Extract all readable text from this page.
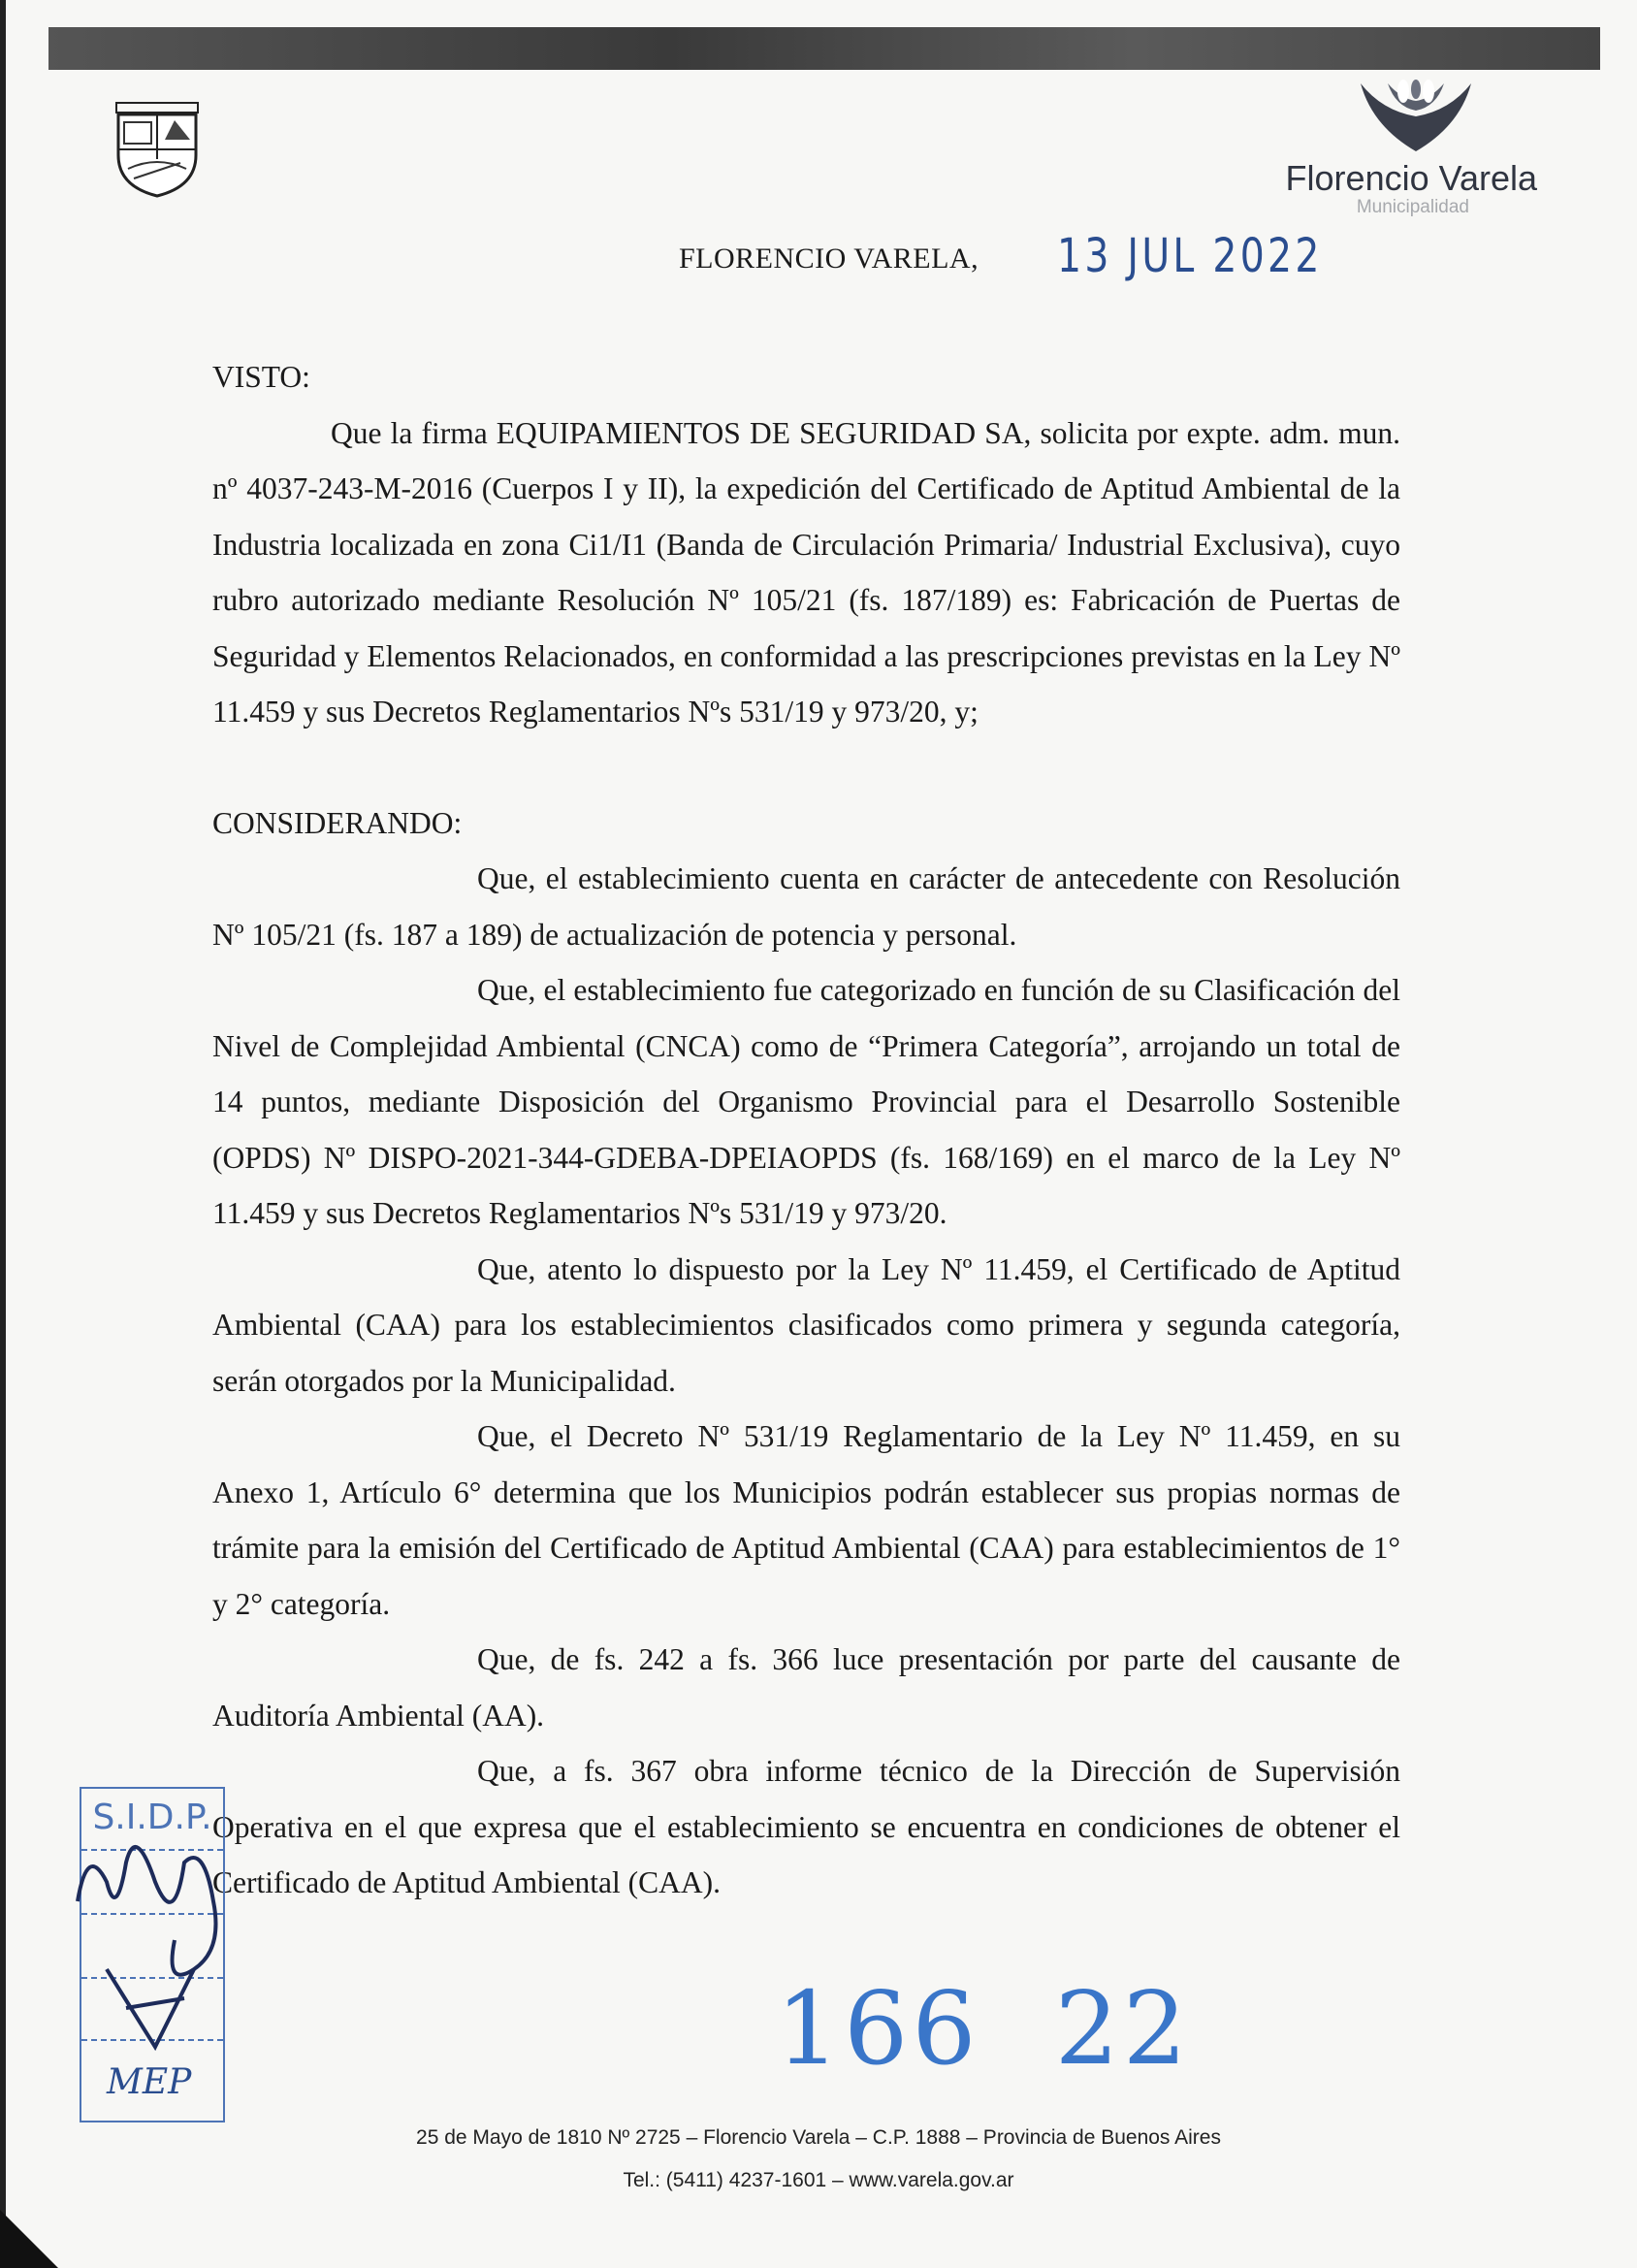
Florencio Varela
Municipalidad
FLORENCIO VARELA, 13 JUL 2022

VISTO:

Que la firma EQUIPAMIENTOS DE SEGURIDAD SA, solicita por expte. adm. mun. nº 4037-243-M-2016 (Cuerpos I y II), la expedición del Certificado de Aptitud Ambiental de la Industria localizada en zona Ci1/I1 (Banda de Circulación Primaria/ Industrial Exclusiva), cuyo rubro autorizado mediante Resolución Nº 105/21 (fs. 187/189) es: Fabricación de Puertas de Seguridad y Elementos Relacionados, en conformidad a las prescripciones previstas en la Ley Nº 11.459 y sus Decretos Reglamentarios Nºs 531/19 y 973/20, y;

CONSIDERANDO:

Que, el establecimiento cuenta en carácter de antecedente con Resolución Nº 105/21 (fs. 187 a 189) de actualización de potencia y personal.

Que, el establecimiento fue categorizado en función de su Clasificación del Nivel de Complejidad Ambiental (CNCA) como de “Primera Categoría”, arrojando un total de 14 puntos, mediante Disposición del Organismo Provincial para el Desarrollo Sostenible (OPDS) Nº DISPO-2021-344-GDEBA-DPEIAOPDS (fs. 168/169) en el marco de la Ley Nº 11.459 y sus Decretos Reglamentarios Nºs 531/19 y 973/20.

Que, atento lo dispuesto por la Ley Nº 11.459, el Certificado de Aptitud Ambiental (CAA) para los establecimientos clasificados como primera y segunda categoría, serán otorgados por la Municipalidad.

Que, el Decreto Nº 531/19 Reglamentario de la Ley Nº 11.459, en su Anexo 1, Artículo 6° determina que los Municipios podrán establecer sus propias normas de trámite para la emisión del Certificado de Aptitud Ambiental (CAA) para establecimientos de 1° y 2° categoría.

Que, de fs. 242 a fs. 366 luce presentación por parte del causante de Auditoría Ambiental (AA).

Que, a fs. 367 obra informe técnico de la Dirección de Supervisión Operativa en el que expresa que el establecimiento se encuentra en condiciones de obtener el Certificado de Aptitud Ambiental (CAA).

S.I.D.P.
MEP	166 22
25 de Mayo de 1810 Nº 2725 – Florencio Varela – C.P. 1888 – Provincia de Buenos Aires
Tel.: (5411) 4237-1601 – www.varela.gov.ar
